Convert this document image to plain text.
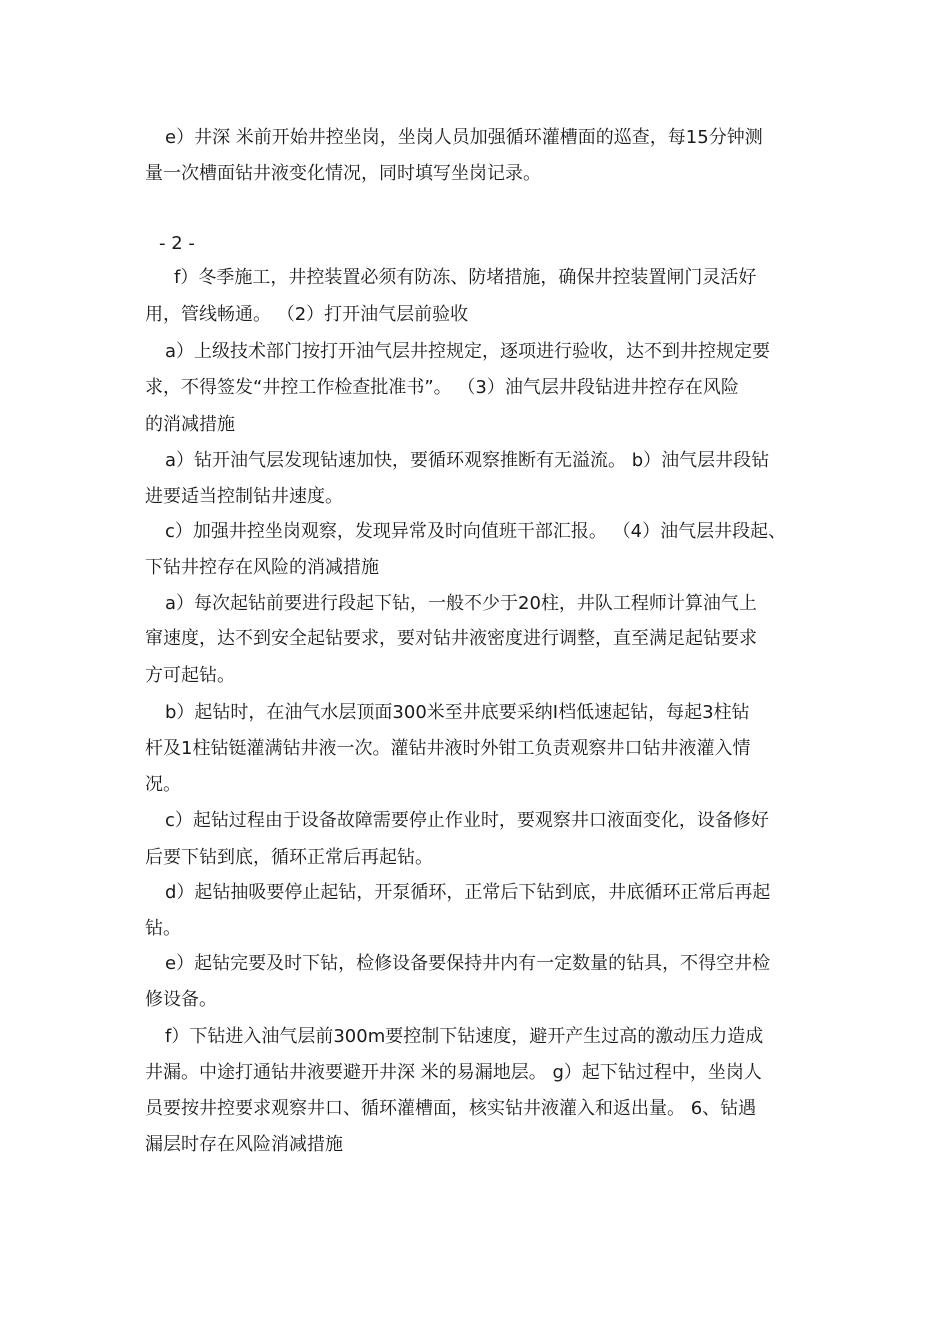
e）井深 米前开始井控坐岗，坐岗人员加强循环灌槽面的巡查，每15分钟测
量一次槽面钻井液变化情况，同时填写坐岗记录。
- 2 -
f）冬季施工，井控装置必须有防冻、防堵措施，确保井控装置闸门灵活好
用，管线畅通。 （2）打开油气层前验收
a）上级技术部门按打开油气层井控规定，逐项进行验收，达不到井控规定要
求，不得签发“井控工作检查批准书”。 （3）油气层井段钻进井控存在风险
的消减措施
a）钻开油气层发现钻速加快，要循环观察推断有无溢流。 b）油气层井段钻
进要适当控制钻井速度。
c）加强井控坐岗观察，发现异常及时向值班干部汇报。 （4）油气层井段起、
下钻井控存在风险的消减措施
a）每次起钻前要进行段起下钻，一般不少于20柱，井队工程师计算油气上
窜速度，达不到安全起钻要求，要对钻井液密度进行调整，直至满足起钻要求
方可起钻。
b）起钻时，在油气水层顶面300米至井底要采纳I档低速起钻，每起3柱钻
杆及1柱钻铤灌满钻井液一次。灌钻井液时外钳工负责观察井口钻井液灌入情
况。
c）起钻过程由于设备故障需要停止作业时，要观察井口液面变化，设备修好
后要下钻到底，循环正常后再起钻。
d）起钻抽吸要停止起钻，开泵循环，正常后下钻到底，井底循环正常后再起
钻。
e）起钻完要及时下钻，检修设备要保持井内有一定数量的钻具，不得空井检
修设备。
f）下钻进入油气层前300m要控制下钻速度，避开产生过高的激动压力造成
井漏。中途打通钻井液要避开井深 米的易漏地层。 g）起下钻过程中，坐岗人
员要按井控要求观察井口、循环灌槽面，核实钻井液灌入和返出量。 6、钻遇
漏层时存在风险消减措施
